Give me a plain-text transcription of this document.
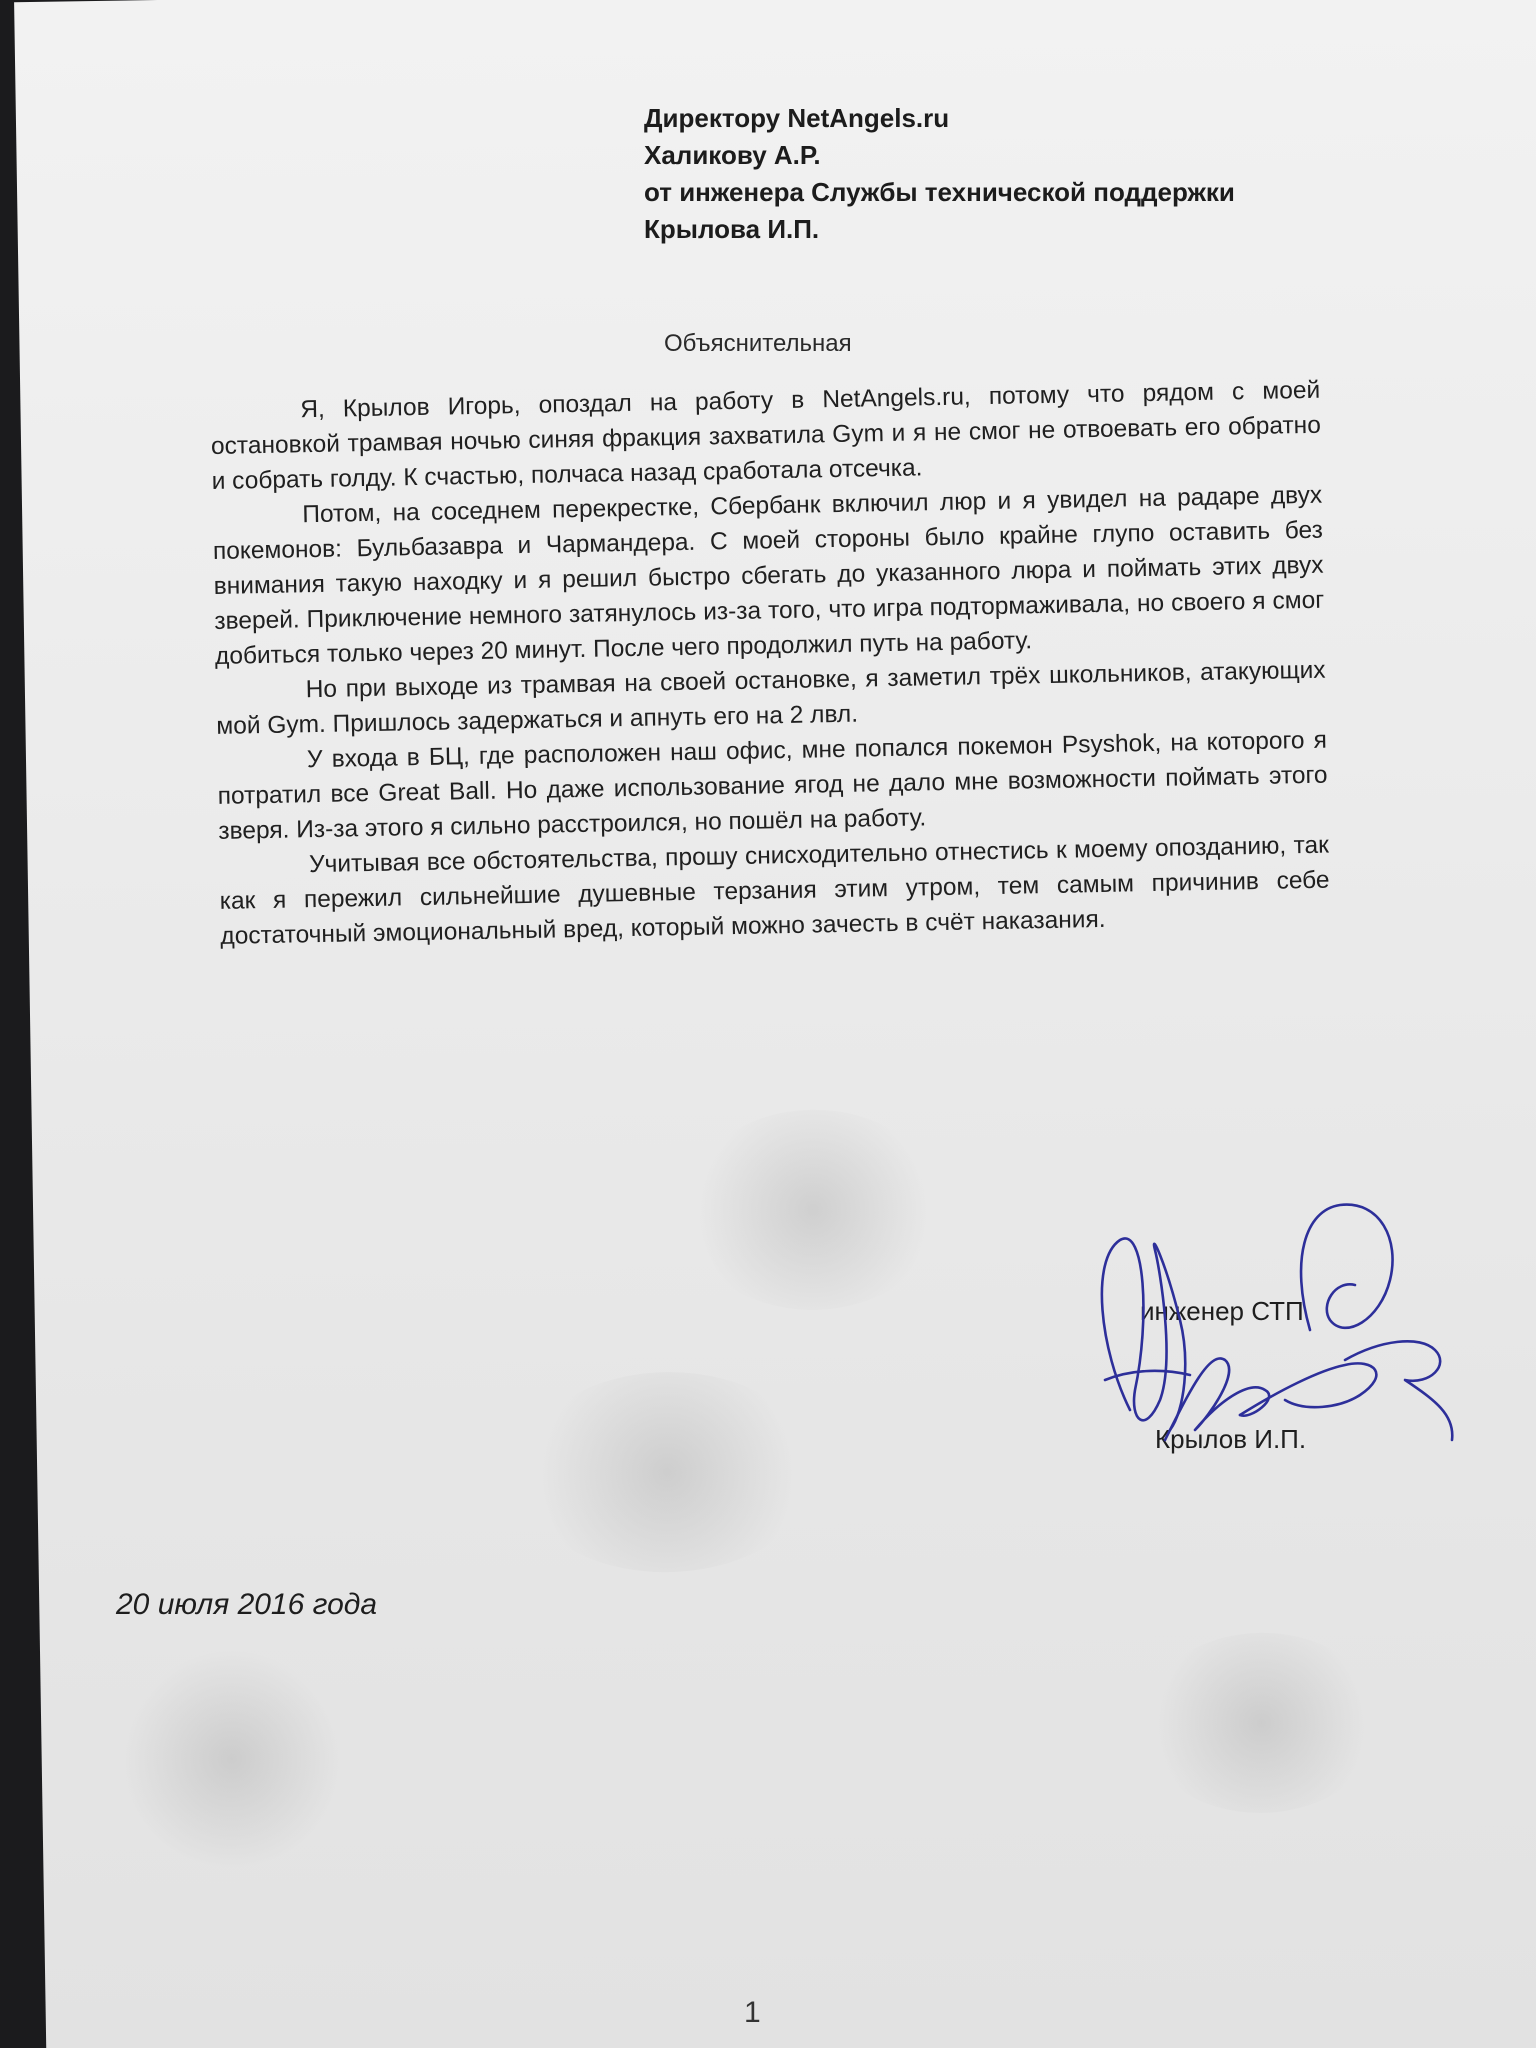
Директору NetAngels.ru
Халикову А.Р.
от инженера Службы технической поддержки
Крылова И.П.
Объяснительная

Я, Крылов Игорь, опоздал на работу в NetAngels.ru, потому что рядом с моей остановкой трамвая ночью синяя фракция захватила Gym и я не смог не отвоевать его обратно и собрать голду. К счастью, полчаса назад сработала отсечка.

Потом, на соседнем перекрестке, Сбербанк включил люр и я увидел на радаре двух покемонов: Бульбазавра и Чармандера. С моей стороны было крайне глупо оставить без внимания такую находку и я решил быстро сбегать до указанного люра и поймать этих двух зверей. Приключение немного затянулось из-за того, что игра подтормаживала, но своего я смог добиться только через 20 минут. После чего продолжил путь на работу.

Но при выходе из трамвая на своей остановке, я заметил трёх школьников, атакующих мой Gym. Пришлось задержаться и апнуть его на 2 лвл.

У входа в БЦ, где расположен наш офис, мне попался покемон Psyshok, на которого я потратил все Great Ball. Но даже использование ягод не дало мне возможности поймать этого зверя. Из-за этого я сильно расстроился, но пошёл на работу.

Учитывая все обстоятельства, прошу снисходительно отнестись к моему опозданию, так как я пережил сильнейшие душевные терзания этим утром, тем самым причинив себе достаточный эмоциональный вред, который можно зачесть в счёт наказания.

инженер СТП
Крылов И.П.
20 июля 2016 года
1
